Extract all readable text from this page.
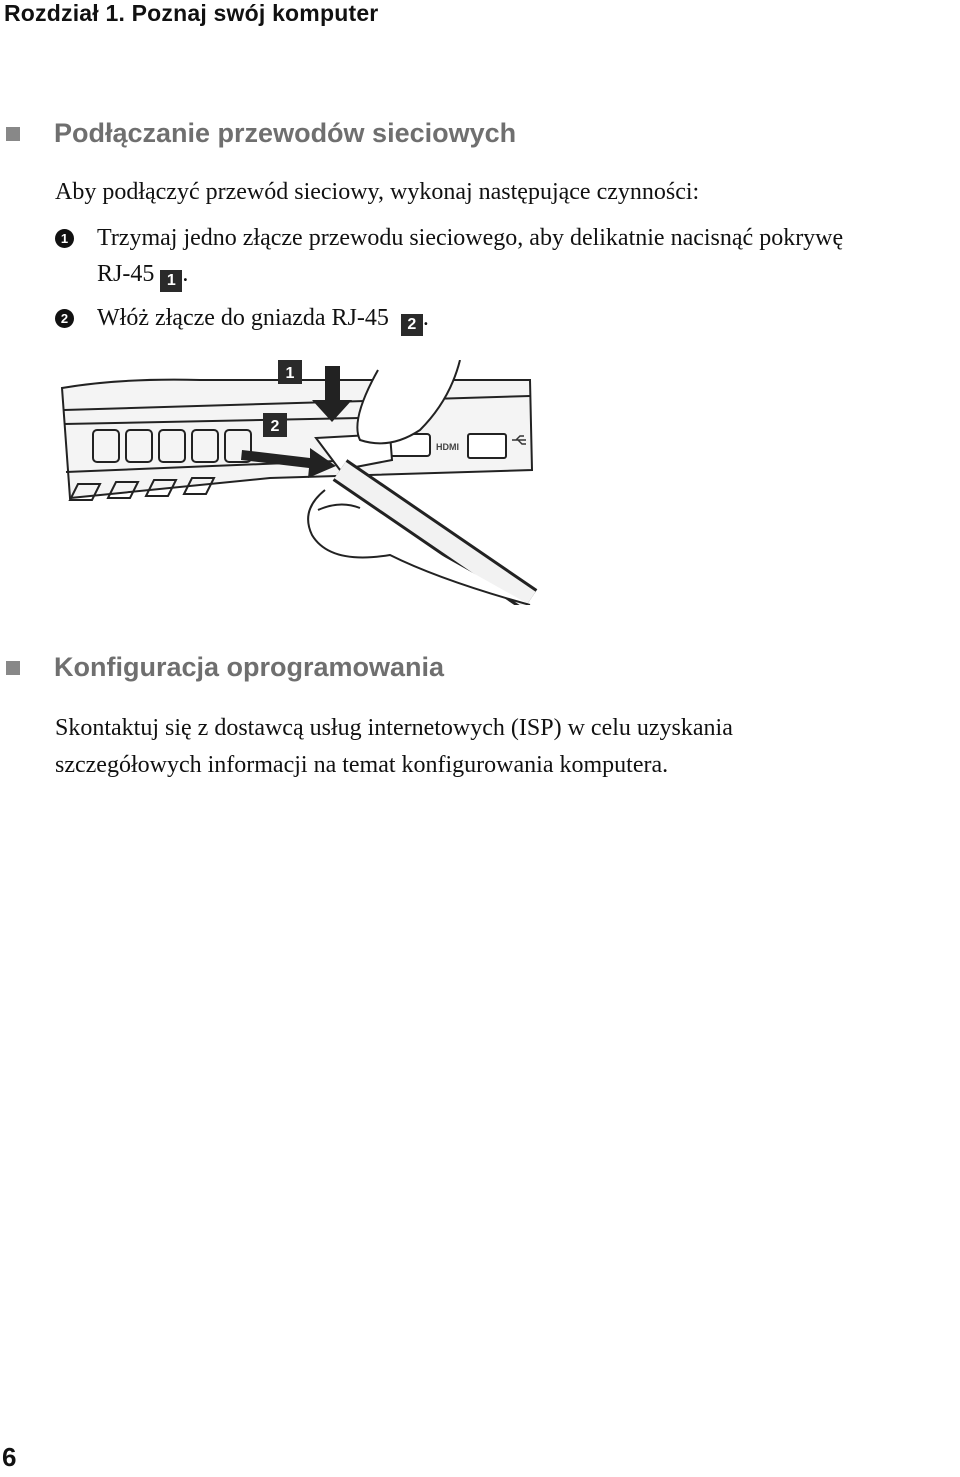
Rozdział 1. Poznaj swój komputer
Podłączanie przewodów sieciowych
Aby podłączyć przewód sieciowy, wykonaj następujące czynności:
1 Trzymaj jedno złącze przewodu sieciowego, aby delikatnie nacisnąć pokrywę
RJ-45 1 .
2 Włóż złącze do gniazda RJ-45 2 .
1
2
HDMI
Konfiguracja oprogramowania
Skontaktuj się z dostawcą usług internetowych (ISP) w celu uzyskania
szczegółowych informacji na temat konfigurowania komputera.
6
